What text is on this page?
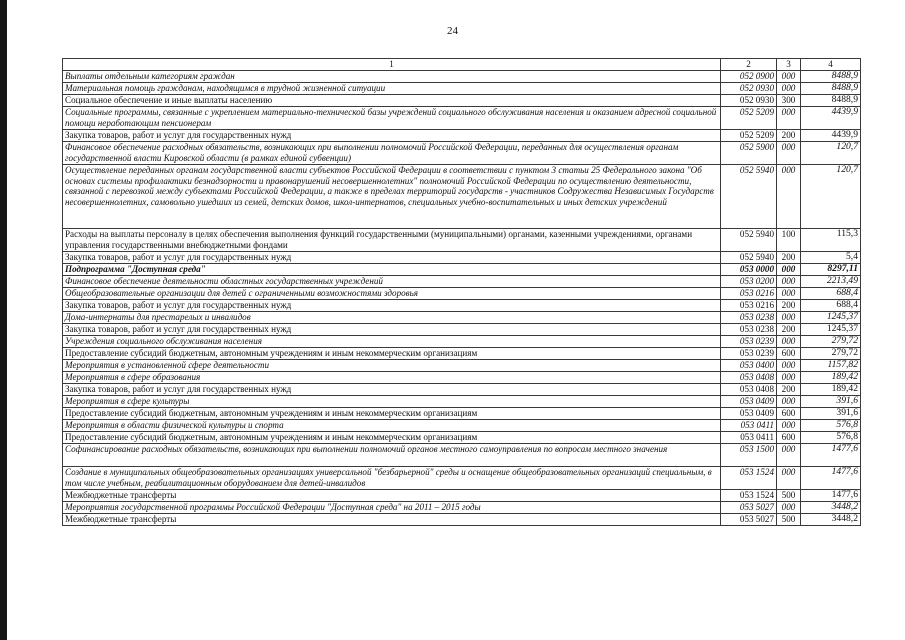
24
1	2	3	4
Выплаты отдельным категориям граждан	052 0900	000	8488,9
Материальная помощь гражданам, находящимся в трудной жизненной ситуации	052 0930	000	8488,9
Социальное обеспечение и иные выплаты населению	052 0930	300	8488,9
Социальные программы, связанные с укреплением материально-технической базы учреждений социального обслуживания населения и оказанием адресной социальной помощи неработающим пенсионерам	052 5209	000	4439,9
Закупка товаров, работ и услуг для государственных нужд	052 5209	200	4439,9
Финансовое обеспечение расходных обязательств, возникающих при выполнении полномочий Российской Федерации, переданных для осуществления органам государственной власти Кировской области (в рамках единой субвенции)	052 5900	000	120,7
Осуществление переданных органам государственной власти субъектов Российской Федерации в соответствии с пунктом 3 статьи 25 Федерального закона "Об основах системы профилактики безнадзорности и правонарушений несовершеннолетних" полномочий Российской Федерации по осуществлению деятельности, связанной с перевозкой между субъектами Российской Федерации, а также в пределах территорий государств - участников Содружества Независимых Государств несовершеннолетних, самовольно ушедших из семей, детских домов, школ-интернатов, специальных учебно-воспитательных и иных детских учреждений	052 5940	000	120,7
Расходы на выплаты персоналу в целях обеспечения выполнения функций государственными (муниципальными) органами, казенными учреждениями, органами управления государственными внебюджетными фондами	052 5940	100	115,3
Закупка товаров, работ и услуг для государственных нужд	052 5940	200	5,4
Подпрограмма "Доступная среда"	053 0000	000	8297,11
Финансовое обеспечение деятельности областных государственных учреждений	053 0200	000	2213,49
Общеобразовательные организации для детей с ограниченными возможностями здоровья	053 0216	000	688,4
Закупка товаров, работ и услуг для государственных нужд	053 0216	200	688,4
Дома-интернаты для престарелых и инвалидов	053 0238	000	1245,37
Закупка товаров, работ и услуг для государственных нужд	053 0238	200	1245,37
Учреждения социального обслуживания населения	053 0239	000	279,72
Предоставление субсидий бюджетным, автономным учреждениям и иным некоммерческим организациям	053 0239	600	279,72
Мероприятия в установленной сфере деятельности	053 0400	000	1157,82
Мероприятия в сфере образования	053 0408	000	189,42
Закупка товаров, работ и услуг для государственных нужд	053 0408	200	189,42
Мероприятия в сфере культуры	053 0409	000	391,6
Предоставление субсидий бюджетным, автономным учреждениям и иным некоммерческим организациям	053 0409	600	391,6
Мероприятия в области физической культуры и спорта	053 0411	000	576,8
Предоставление субсидий бюджетным, автономным учреждениям и иным некоммерческим организациям	053 0411	600	576,8
Софинансирование расходных обязательств, возникающих при выполнении полномочий органов местного самоуправления по вопросам местного значения	053 1500	000	1477,6
Создание в муниципальных общеобразовательных организациях универсальной "безбарьерной" среды и оснащение общеобразовательных организаций специальным, в том числе учебным, реабилитационным оборудованием для детей-инвалидов	053 1524	000	1477,6
Межбюджетные трансферты	053 1524	500	1477,6
Мероприятия государственной программы Российской Федерации "Доступная среда" на 2011 – 2015 годы	053 5027	000	3448,2
Межбюджетные трансферты	053 5027	500	3448,2
